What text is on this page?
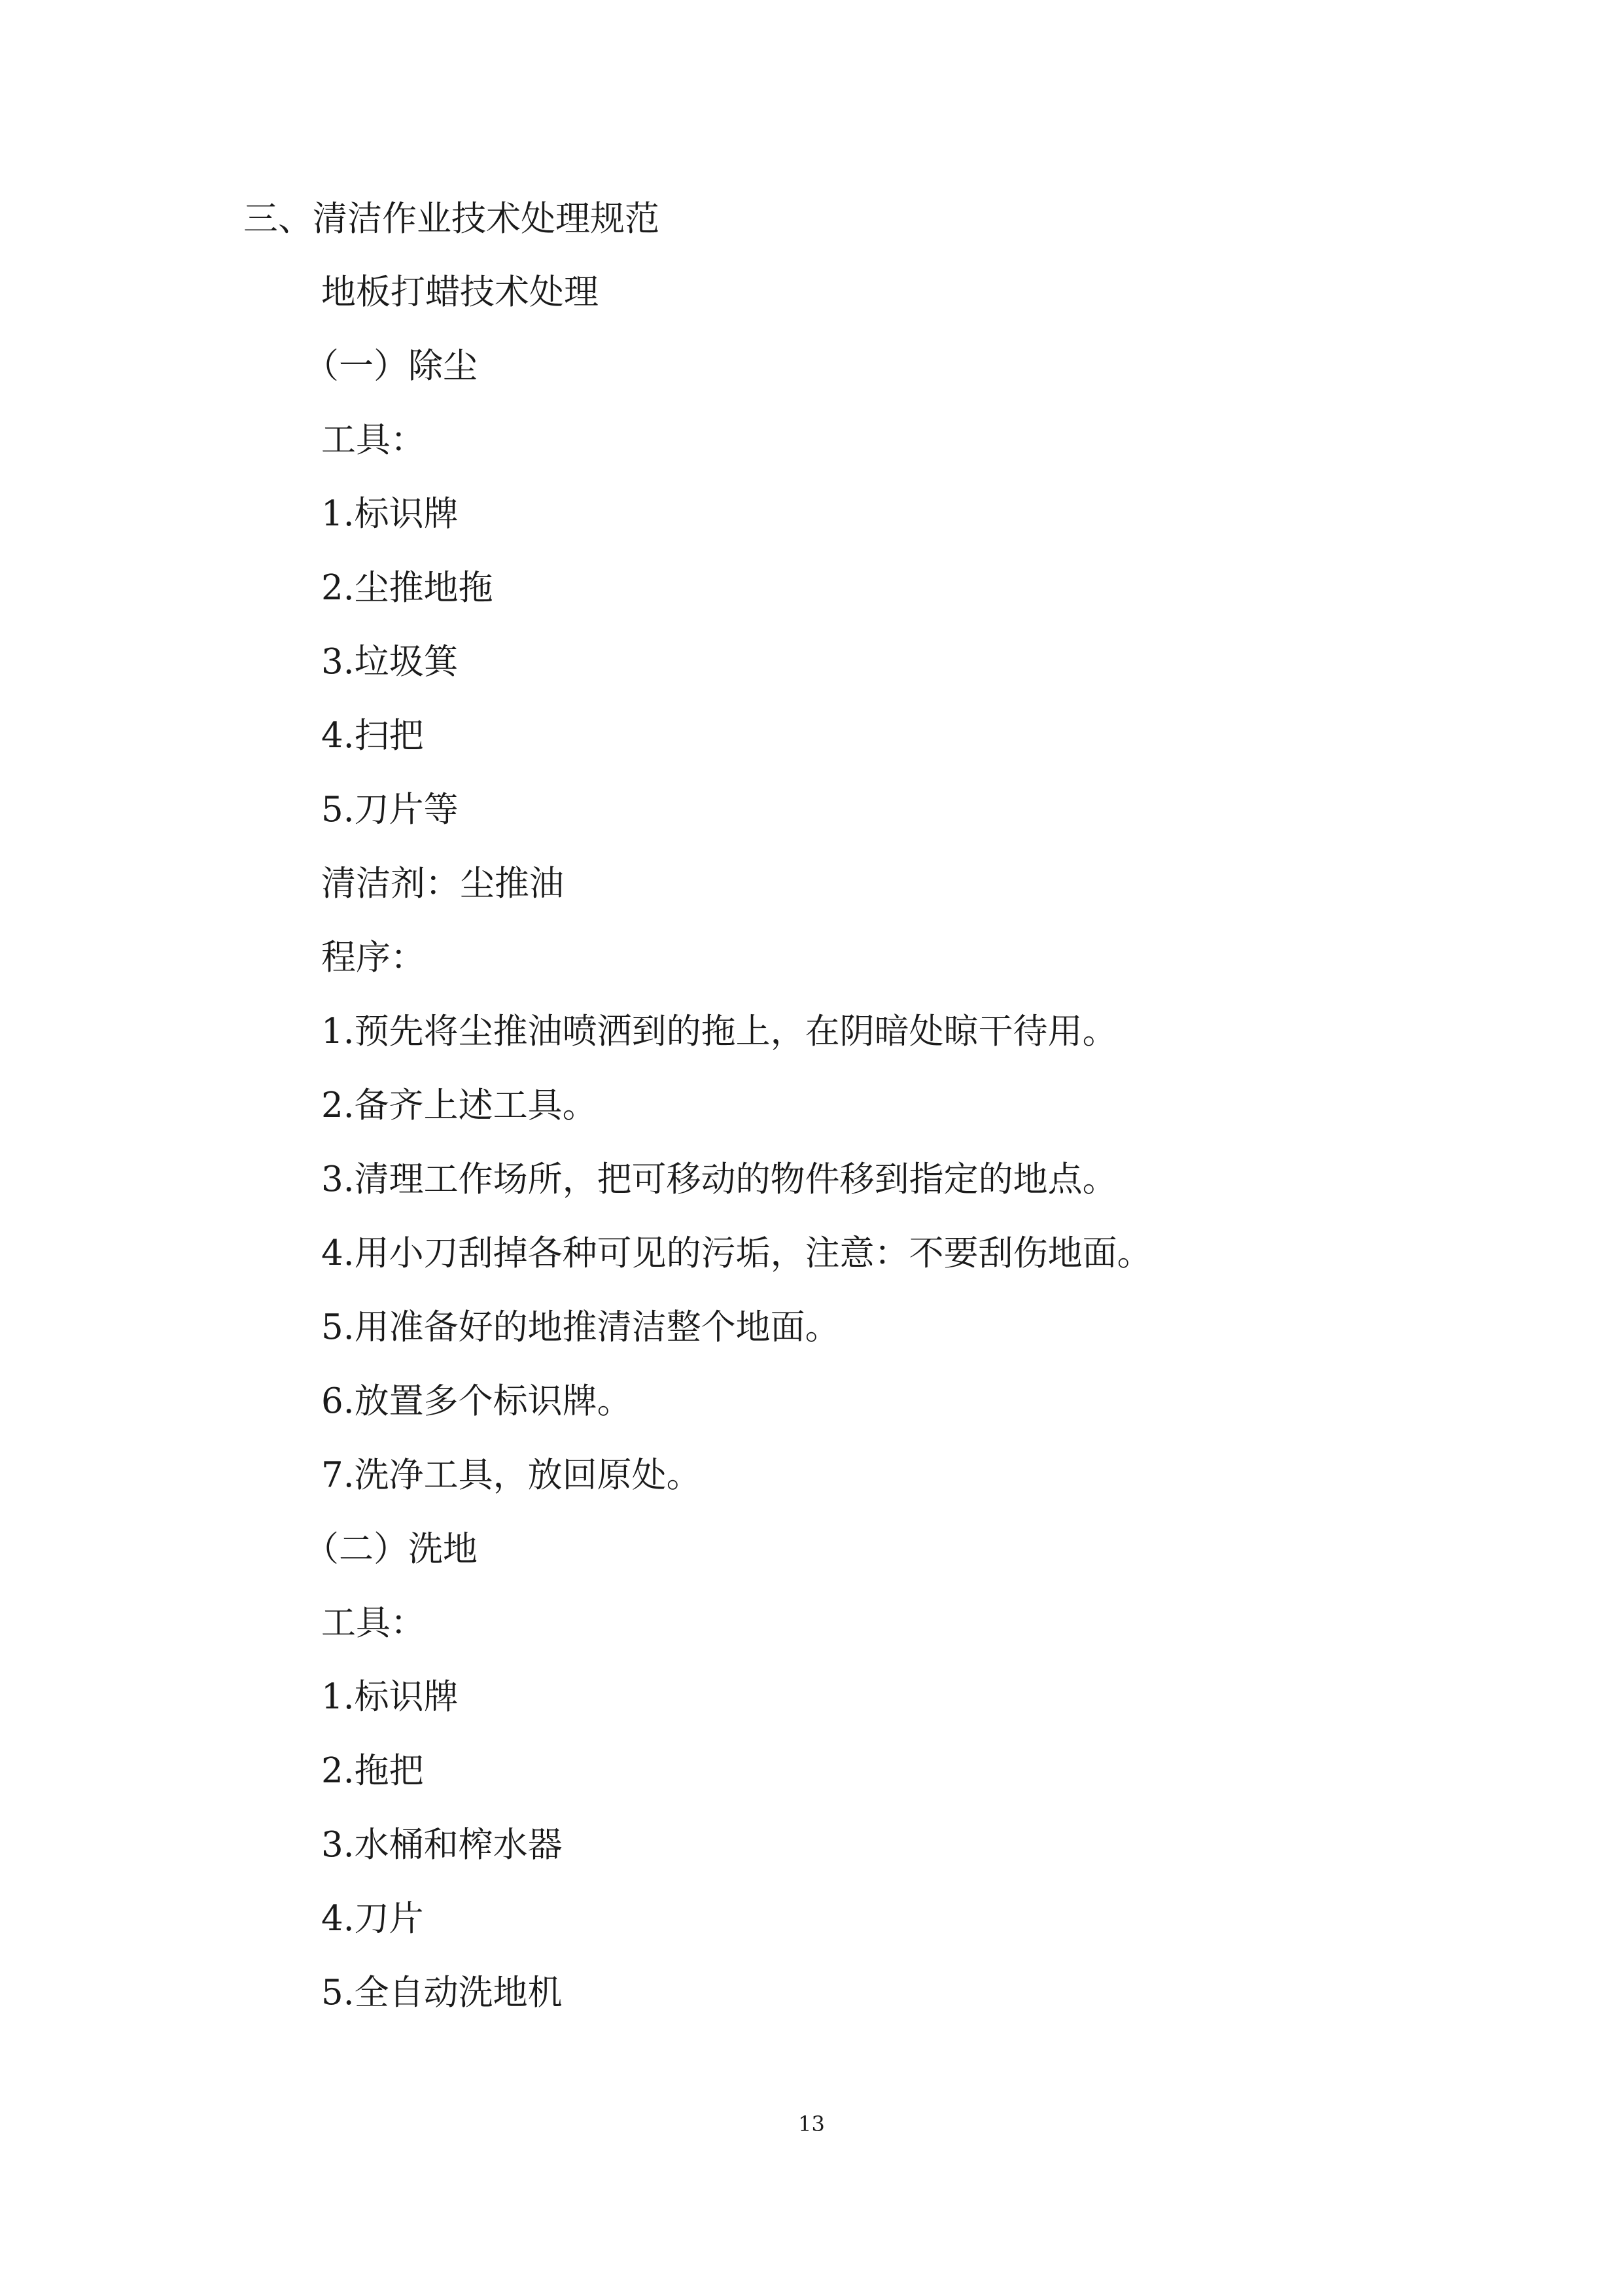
三、清洁作业技术处理规范
地板打蜡技术处理
（一）除尘
工具：
1.标识牌
2.尘推地拖
3.垃圾箕
4.扫把
5.刀片等
清洁剂：尘推油
程序：
1.预先将尘推油喷洒到的拖上，在阴暗处晾干待用。
2.备齐上述工具。
3.清理工作场所，把可移动的物件移到指定的地点。
4.用小刀刮掉各种可见的污垢，注意：不要刮伤地面。
5.用准备好的地推清洁整个地面。
6.放置多个标识牌。
7.洗净工具，放回原处。
（二）洗地
工具：
1.标识牌
2.拖把
3.水桶和榨水器
4.刀片
5.全自动洗地机
13
